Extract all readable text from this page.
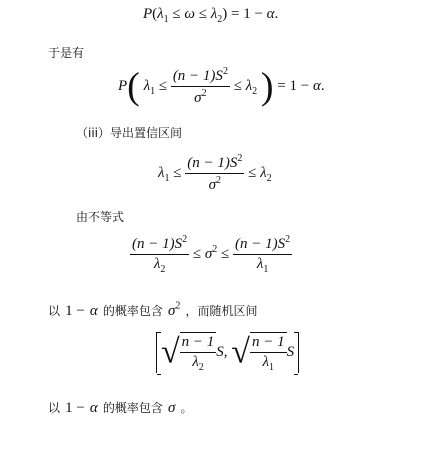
$P(\lambda_1 \le \omega \le \lambda_2) = 1 - \alpha$.
于是有
P( $\lambda_1 \le \frac{(n - 1)S^2}{\sigma^2} \le \lambda_2$ ) = 1 − α.
（iii）导出置信区间
$\lambda_1 \le \frac{(n - 1)S^2}{\sigma^2} \le \lambda_2$
由不等式
$\frac{(n - 1)S^2}{\lambda_2} \le \sigma^2 \le \frac{(n - 1)S^2}{\lambda_1}$
以 1 − α 的概率包含 $\sigma^2$ ，而随机区间
√ $\frac{n - 1}{\lambda_2} S$, √ $\frac{n - 1}{\lambda_1}$ S
以 1 − α 的概率包含 σ 。
